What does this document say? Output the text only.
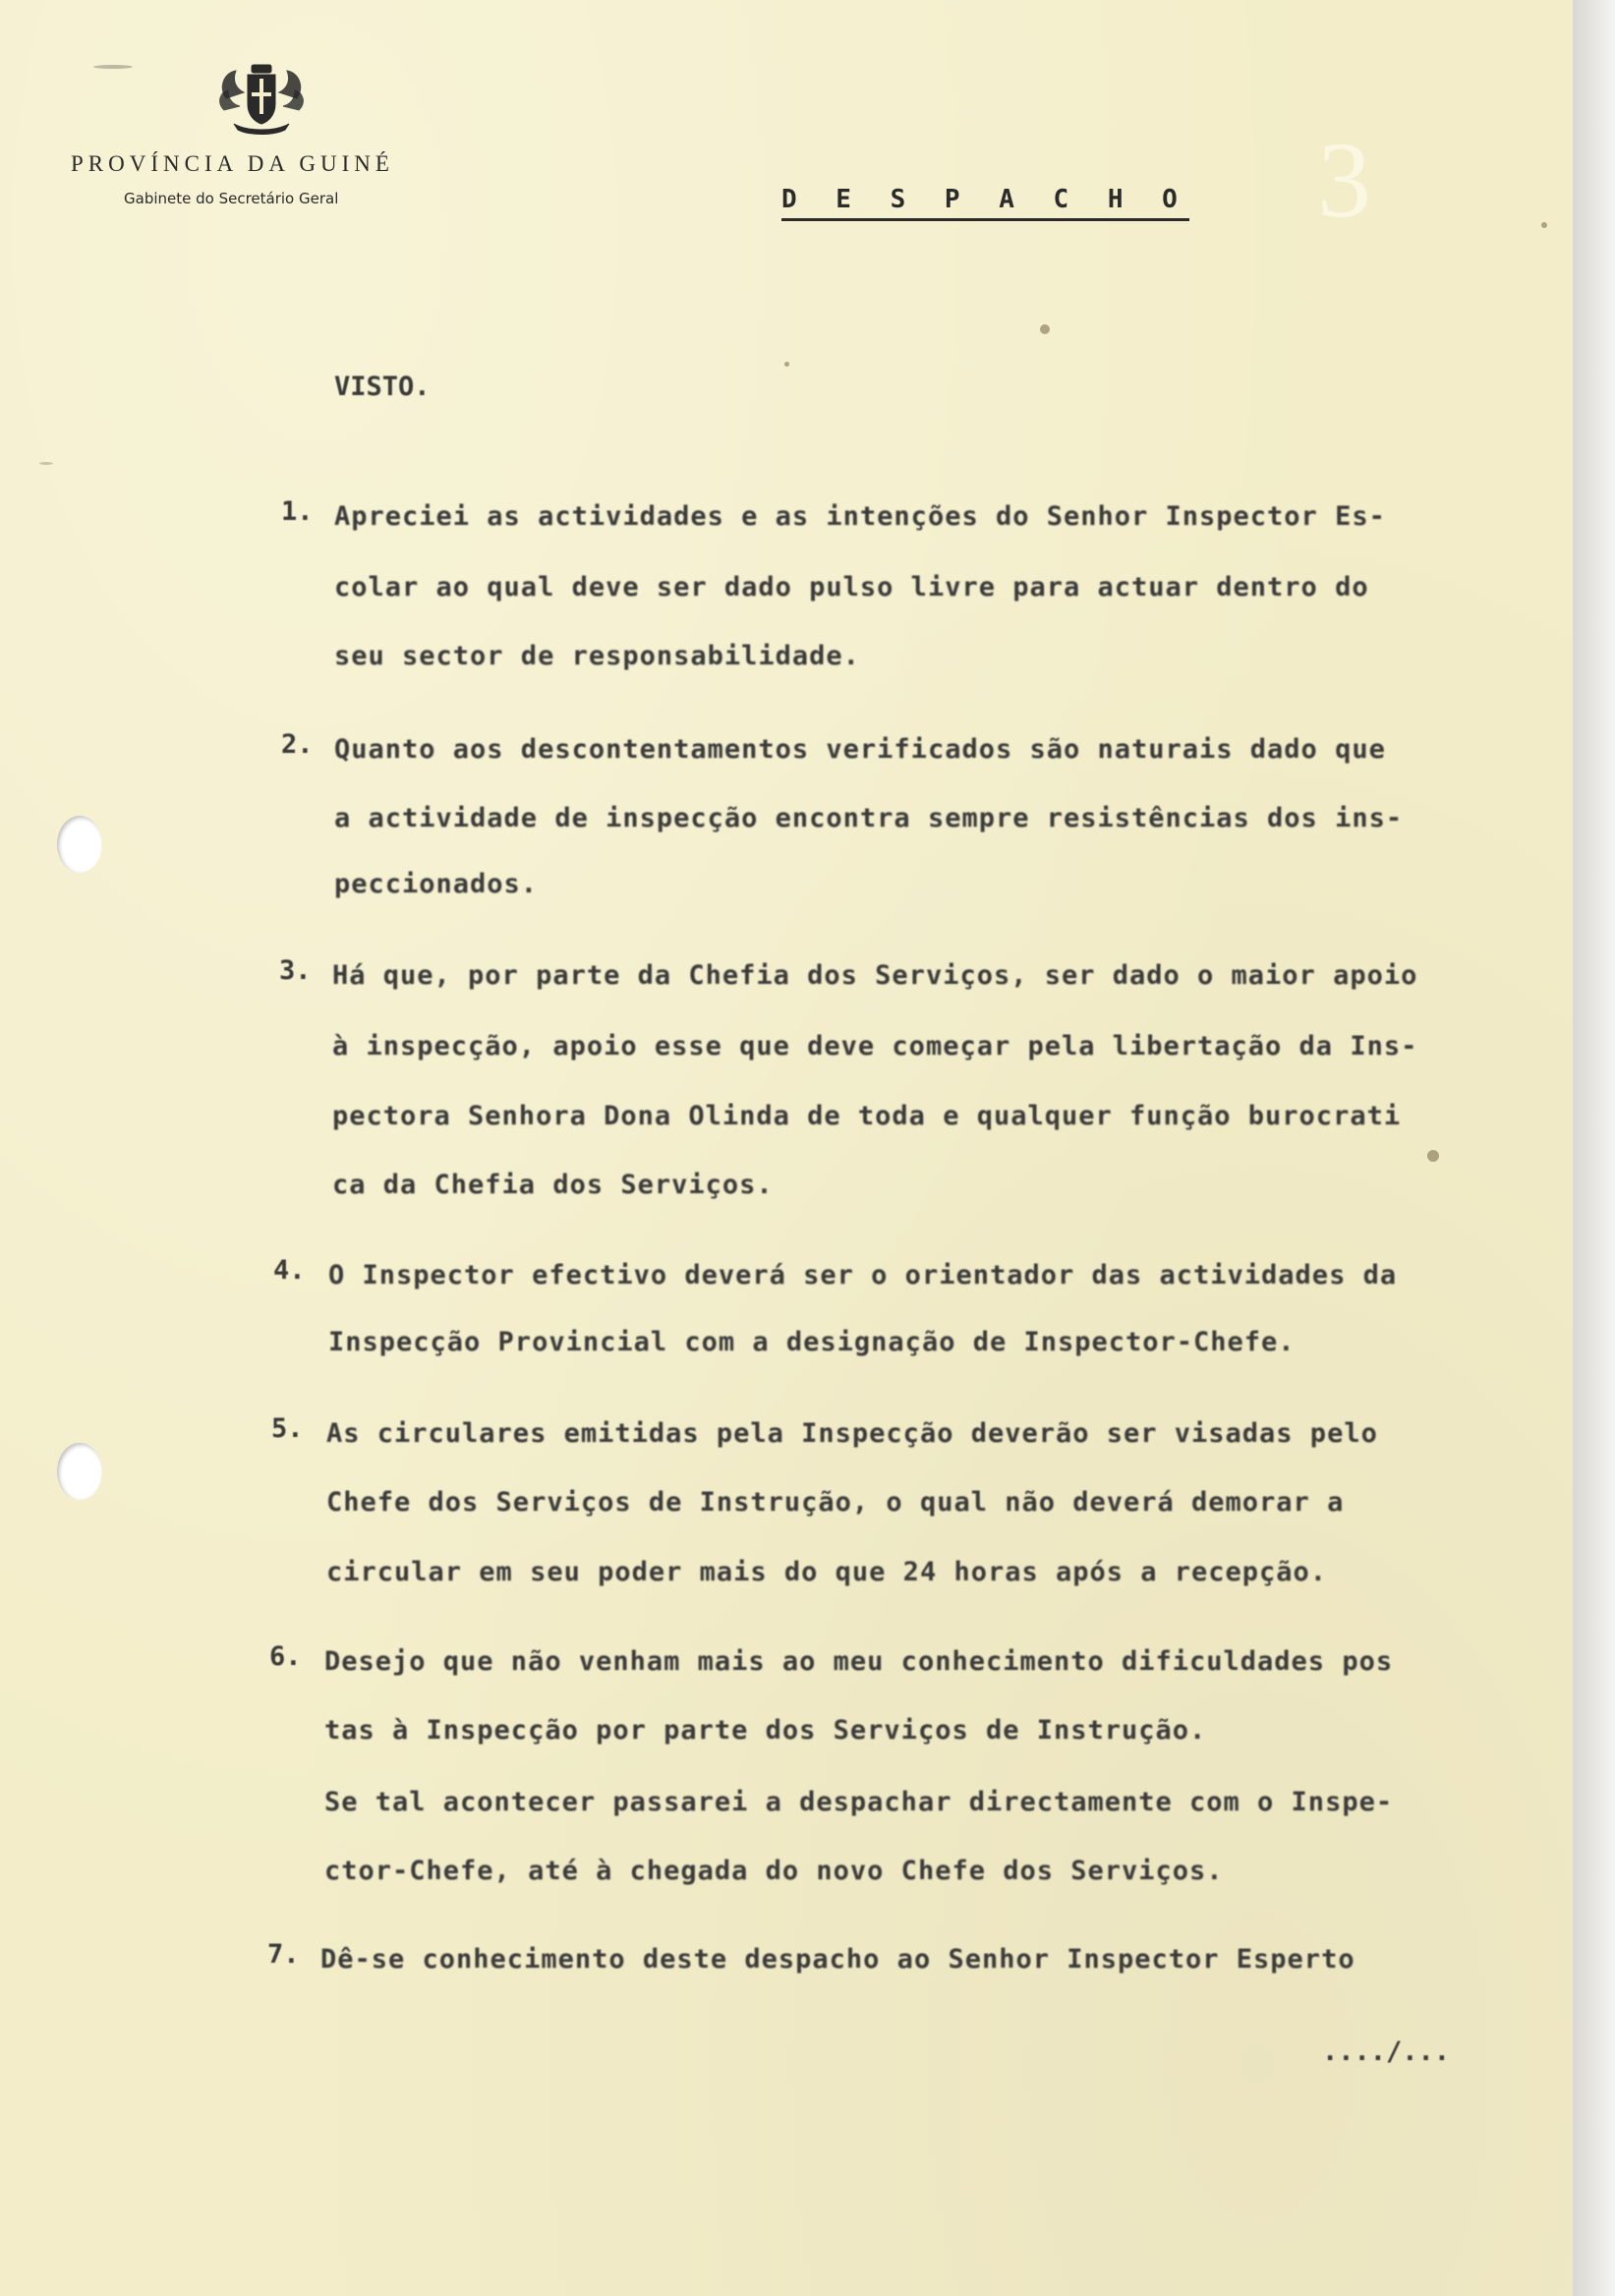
PROVÍNCIA DA GUINÉ
Gabinete do Secretário Geral	D E S P A C H O 3
VISTO.
1. Apreciei as actividades e as intenções do Senhor Inspector Es-
colar ao qual deve ser dado pulso livre para actuar dentro do
seu sector de responsabilidade.
2. Quanto aos descontentamentos verificados são naturais dado que
a actividade de inspecção encontra sempre resistências dos ins-
peccionados.
3. Há que, por parte da Chefia dos Serviços, ser dado o maior apoio
à inspecção, apoio esse que deve começar pela libertação da Ins-
pectora Senhora Dona Olinda de toda e qualquer função burocrati
ca da Chefia dos Serviços.
4. O Inspector efectivo deverá ser o orientador das actividades da
Inspecção Provincial com a designação de Inspector-Chefe.
5. As circulares emitidas pela Inspecção deverão ser visadas pelo
Chefe dos Serviços de Instrução, o qual não deverá demorar a
circular em seu poder mais do que 24 horas após a recepção.
6. Desejo que não venham mais ao meu conhecimento dificuldades pos
tas à Inspecção por parte dos Serviços de Instrução.
Se tal acontecer passarei a despachar directamente com o Inspe-
ctor-Chefe, até à chegada do novo Chefe dos Serviços.
7. Dê-se conhecimento deste despacho ao Senhor Inspector Esperto
..../...
